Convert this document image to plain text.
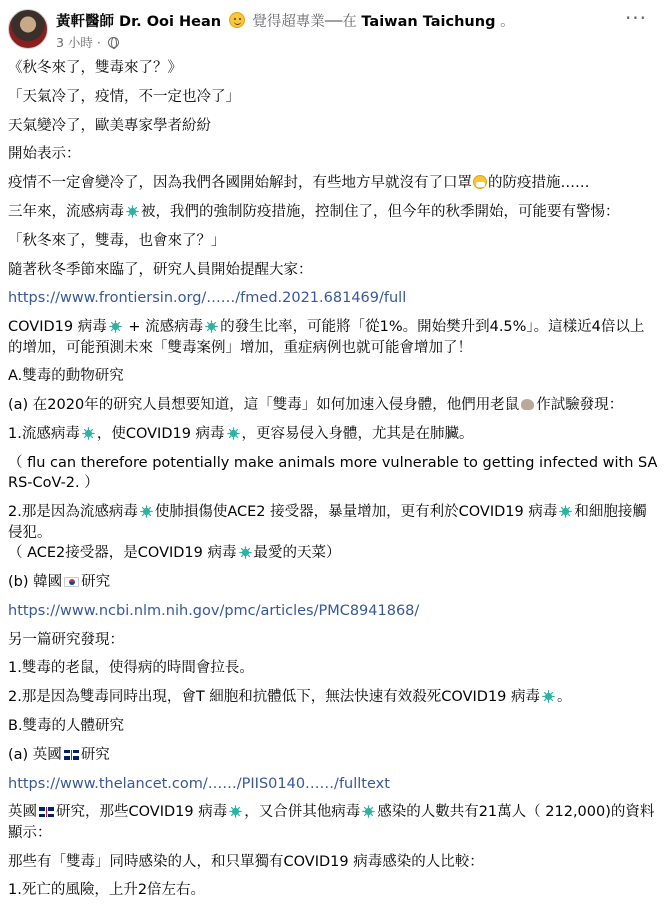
黃軒醫師 Dr. Ooi Hean 覺得超專業──在 Taiwan Taichung 。
3 小時 ·
···

《秋冬來了，雙毒來了？》

「天氣冷了，疫情，不一定也冷了」

天氣變冷了，歐美專家學者紛紛

開始表示：

疫情不一定會變冷了，因為我們各國開始解封，有些地方早就沒有了口罩 的防疫措施……

三年來，流感病毒 被，我們的強制防疫措施，控制住了，但今年的秋季開始，可能要有警惕：

「秋冬來了，雙毒，也會來了？」

隨著秋冬季節來臨了，研究人員開始提醒大家：

https://www.frontiersin.org/……/fmed.2021.681469/full

COVID19 病毒 + 流感病毒 的發生比率，可能將「從1%。開始樊升到4.5%」。這樣近4倍以上的增加，可能預測未來「雙毒案例」增加，重症病例也就可能會增加了！

A.雙毒的動物研究

(a) 在2020年的研究人員想要知道，這「雙毒」如何加速入侵身體，他們用老鼠 作試驗發現：

1.流感病毒 ，使COVID19 病毒 ，更容易侵入身體，尤其是在肺臟。

（ flu can therefore potentially make animals more vulnerable to getting infected with SARS-CoV-2. ）

2.那是因為流感病毒 使肺損傷使ACE2 接受器，暴量增加，更有利於COVID19 病毒 和細胞接觸侵犯。
（ ACE2接受器，是COVID19 病毒 最愛的天菜）

(b) 韓國 研究

https://www.ncbi.nlm.nih.gov/pmc/articles/PMC8941868/

另一篇研究發現：

1.雙毒的老鼠，使得病的時間會拉長。

2.那是因為雙毒同時出現，會T 細胞和抗體低下，無法快速有效殺死COVID19 病毒 。

B.雙毒的人體研究

(a) 英國 研究

https://www.thelancet.com/……/PIIS0140……/fulltext

英國 研究，那些COVID19 病毒 ，又合併其他病毒 感染的人數共有21萬人（ 212,000)的資料顯示：

那些有「雙毒」同時感染的人，和只單獨有COVID19 病毒感染的人比較：

1.死亡的風險，上升2倍左右。
